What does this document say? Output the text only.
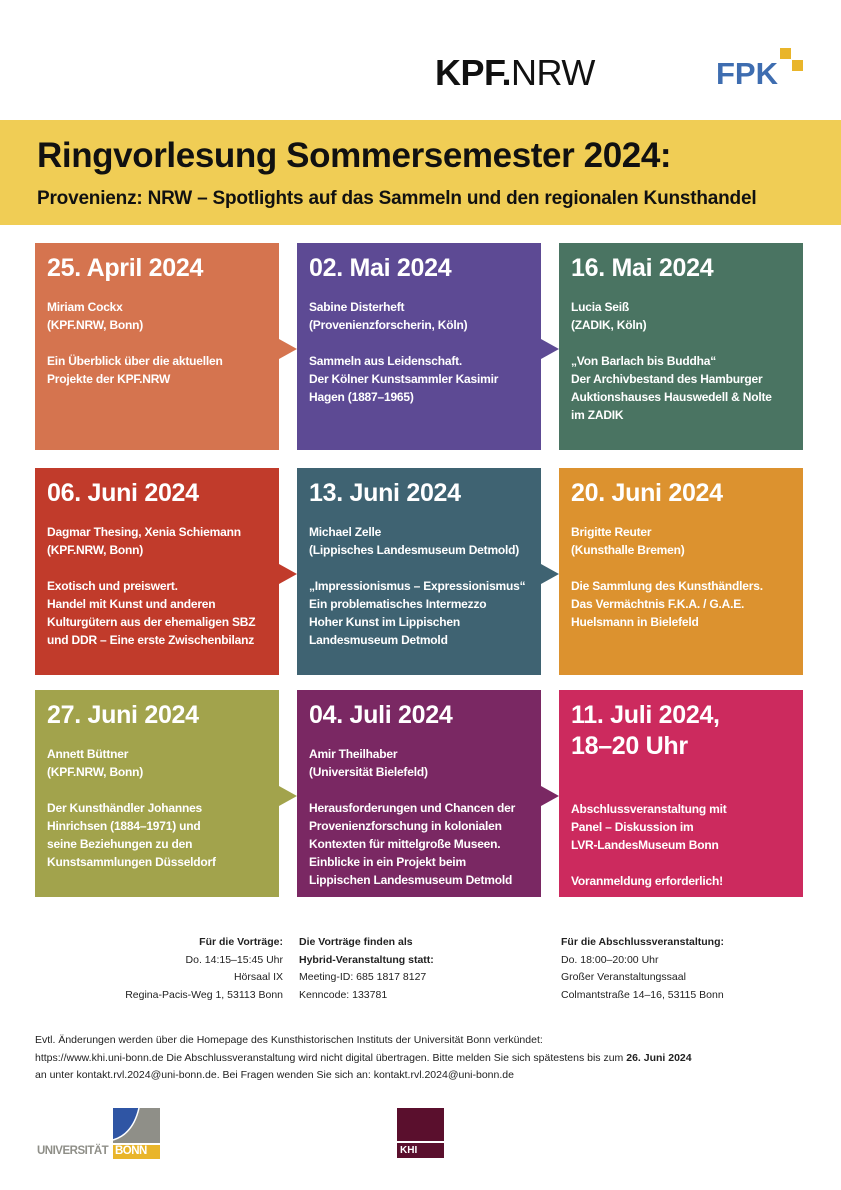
KPF.NRW	FPK
Ringvorlesung Sommersemester 2024:
Provenienz: NRW – Spotlights auf das Sammeln und den regionalen Kunsthandel
25. April 2024
Miriam Cockx
(KPF.NRW, Bonn)
Ein Überblick über die aktuellen
Projekte der KPF.NRW
02. Mai 2024
Sabine Disterheft
(Provenienzforscherin, Köln)
Sammeln aus Leidenschaft.
Der Kölner Kunstsammler Kasimir
Hagen (1887–1965)
16. Mai 2024
Lucia Seiß
(ZADIK, Köln)
„Von Barlach bis Buddha“
Der Archivbestand des Hamburger
Auktionshauses Hauswedell & Nolte
im ZADIK
06. Juni 2024
Dagmar Thesing, Xenia Schiemann
(KPF.NRW, Bonn)
Exotisch und preiswert.
Handel mit Kunst und anderen
Kulturgütern aus der ehemaligen SBZ
und DDR – Eine erste Zwischenbilanz
13. Juni 2024
Michael Zelle
(Lippisches Landesmuseum Detmold)
„Impressionismus – Expressionismus“
Ein problematisches Intermezzo
Hoher Kunst im Lippischen
Landesmuseum Detmold
20. Juni 2024
Brigitte Reuter
(Kunsthalle Bremen)
Die Sammlung des Kunsthändlers.
Das Vermächtnis F.K.A. / G.A.E.
Huelsmann in Bielefeld
27. Juni 2024
Annett Büttner
(KPF.NRW, Bonn)
Der Kunsthändler Johannes
Hinrichsen (1884–1971) und
seine Beziehungen zu den
Kunstsammlungen Düsseldorf
04. Juli 2024
Amir Theilhaber
(Universität Bielefeld)
Herausforderungen und Chancen der
Provenienzforschung in kolonialen
Kontexten für mittelgroße Museen.
Einblicke in ein Projekt beim
Lippischen Landesmuseum Detmold
11. Juli 2024,
18–20 Uhr
Abschlussveranstaltung mit
Panel – Diskussion im
LVR-LandesMuseum Bonn

Voranmeldung erforderlich!
Für die Vorträge:
Do. 14:15–15:45 Uhr
Hörsaal IX
Regina-Pacis-Weg 1, 53113 Bonn
Die Vorträge finden als
Hybrid-Veranstaltung statt:
Meeting-ID: 685 1817 8127
Kenncode: 133781
Für die Abschlussveranstaltung:
Do. 18:00–20:00 Uhr
Großer Veranstaltungssaal
Colmantstraße 14–16, 53115 Bonn
Evtl. Änderungen werden über die Homepage des Kunsthistorischen Instituts der Universität Bonn verkündet:
https://www.khi.uni-bonn.de Die Abschlussveranstaltung wird nicht digital übertragen. Bitte melden Sie sich spätestens bis zum 26. Juni 2024
an unter kontakt.rvl.2024@uni-bonn.de. Bei Fragen wenden Sie sich an: kontakt.rvl.2024@uni-bonn.de
UNIVERSITÄT BONN	KHI
